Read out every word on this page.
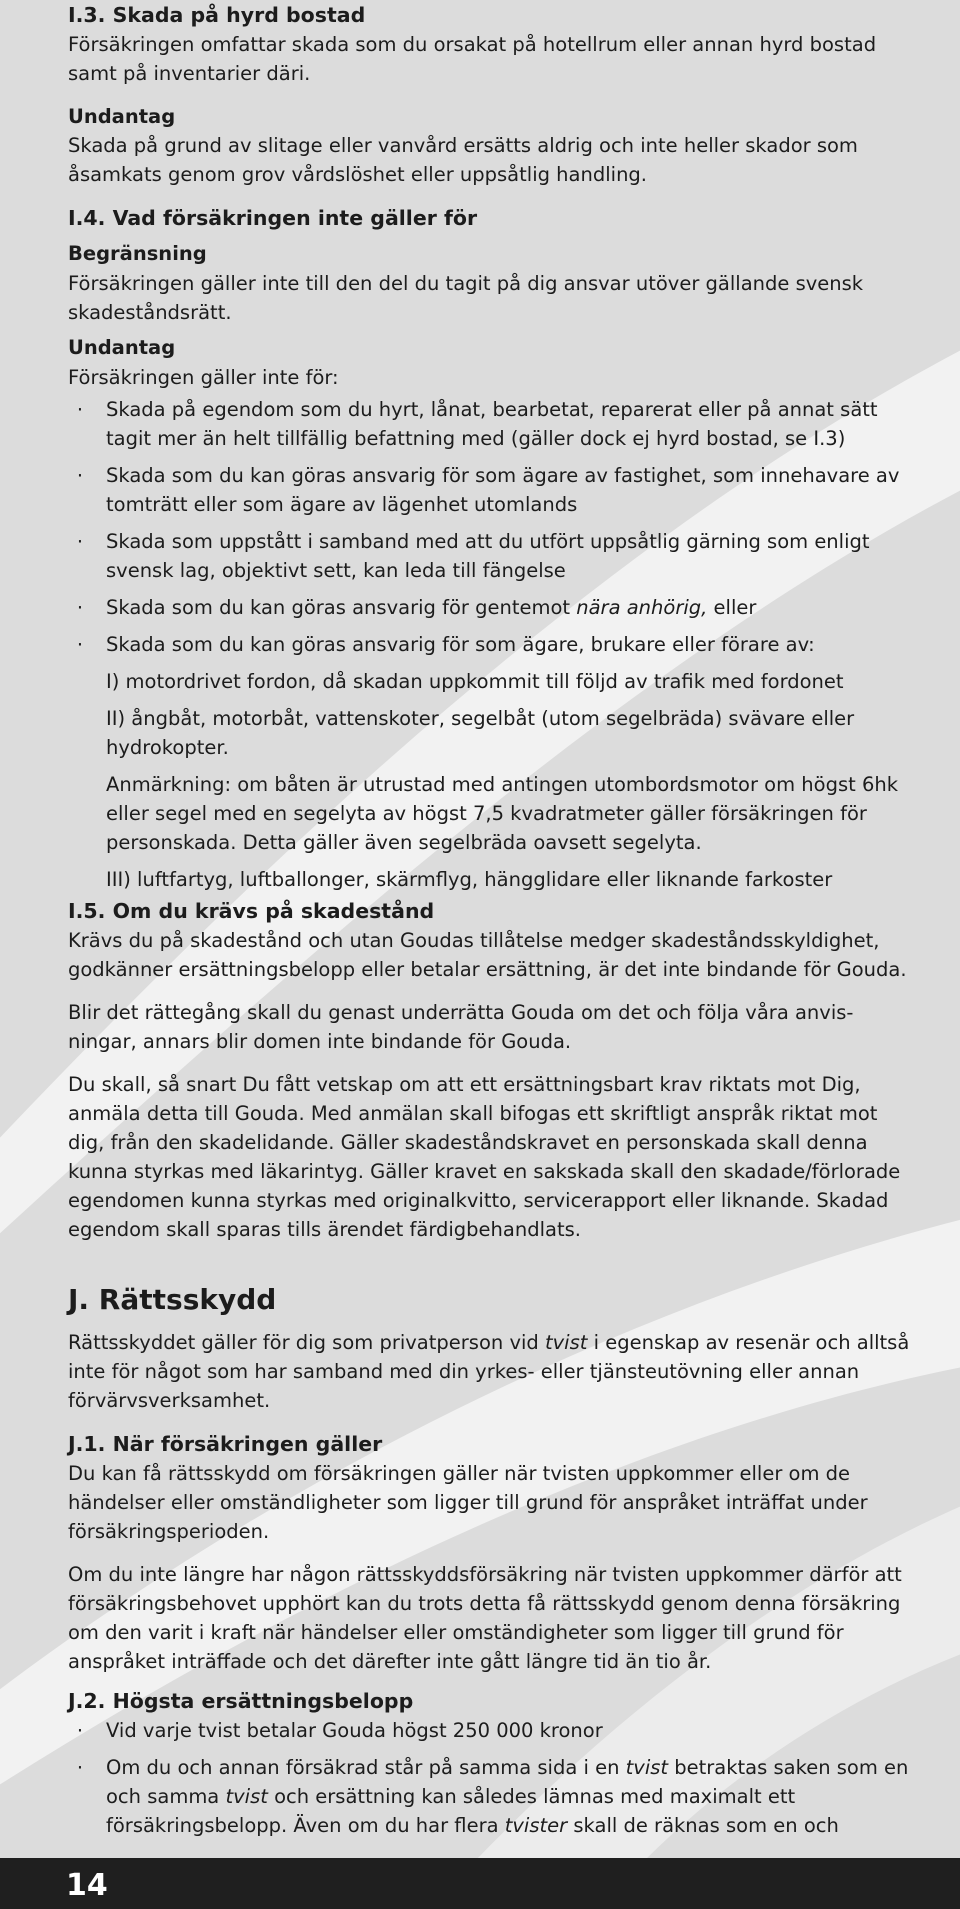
I.3. Skada på hyrd bostad

Försäkringen omfattar skada som du orsakat på hotellrum eller annan hyrd bostad samt på inventarier däri.

Undantag

Skada på grund av slitage eller vanvård ersätts aldrig och inte heller skador som åsamkats genom grov vårdslöshet eller uppsåtlig handling.

I.4. Vad försäkringen inte gäller för

Begränsning

Försäkringen gäller inte till den del du tagit på dig ansvar utöver gällande svensk skadeståndsrätt.

Undantag

Försäkringen gäller inte för:

·	Skada på egendom som du hyrt, lånat, bearbetat, reparerat eller på annat sätt tagit mer än helt tillfällig befattning med (gäller dock ej hyrd bostad, se I.3)
·	Skada som du kan göras ansvarig för som ägare av fastighet, som innehavare av tomträtt eller som ägare av lägenhet utomlands
·	Skada som uppstått i samband med att du utfört uppsåtlig gärning som enligt svensk lag, objektivt sett, kan leda till fängelse
·	Skada som du kan göras ansvarig för gentemot nära anhörig, eller
·	Skada som du kan göras ansvarig för som ägare, brukare eller förare av:

I) motordrivet fordon, då skadan uppkommit till följd av trafik med fordonet

II) ångbåt, motorbåt, vattenskoter, segelbåt (utom segelbräda) svävare eller hydrokopter.

Anmärkning: om båten är utrustad med antingen utombordsmotor om högst 6hk eller segel med en segelyta av högst 7,5 kvadratmeter gäller försäkringen för personskada. Detta gäller även segelbräda oavsett segelyta.

III) luftfartyg, luftballonger, skärmflyg, hängglidare eller liknande farkoster

I.5. Om du krävs på skadestånd

Krävs du på skadestånd och utan Goudas tillåtelse medger skadeståndsskyldighet, godkänner ersättningsbelopp eller betalar ersättning, är det inte bindande för Gouda.

Blir det rättegång skall du genast underrätta Gouda om det och följa våra anvis- ningar, annars blir domen inte bindande för Gouda.

Du skall, så snart Du fått vetskap om att ett ersättningsbart krav riktats mot Dig, anmäla detta till Gouda. Med anmälan skall bifogas ett skriftligt anspråk riktat mot dig, från den skadelidande. Gäller skadeståndskravet en personskada skall denna kunna styrkas med läkarintyg. Gäller kravet en sakskada skall den skadade/förlorade egendomen kunna styrkas med originalkvitto, servicerapport eller liknande. Skadad egendom skall sparas tills ärendet färdigbehandlats.

J. Rättsskydd

Rättsskyddet gäller för dig som privatperson vid tvist i egenskap av resenär och alltså inte för något som har samband med din yrkes- eller tjänsteutövning eller annan förvärvsverksamhet.

J.1. När försäkringen gäller

Du kan få rättsskydd om försäkringen gäller när tvisten uppkommer eller om de händelser eller omständligheter som ligger till grund för anspråket inträffat under försäkringsperioden.

Om du inte längre har någon rättsskyddsförsäkring när tvisten uppkommer därför att försäkringsbehovet upphört kan du trots detta få rättsskydd genom denna försäkring om den varit i kraft när händelser eller omständigheter som ligger till grund för anspråket inträffade och det därefter inte gått längre tid än tio år.

J.2. Högsta ersättningsbelopp
·	Vid varje tvist betalar Gouda högst 250 000 kronor
·	Om du och annan försäkrad står på samma sida i en tvist betraktas saken som en och samma tvist och ersättning kan således lämnas med maximalt ett försäkringsbelopp. Även om du har flera tvister skall de räknas som en och
14
